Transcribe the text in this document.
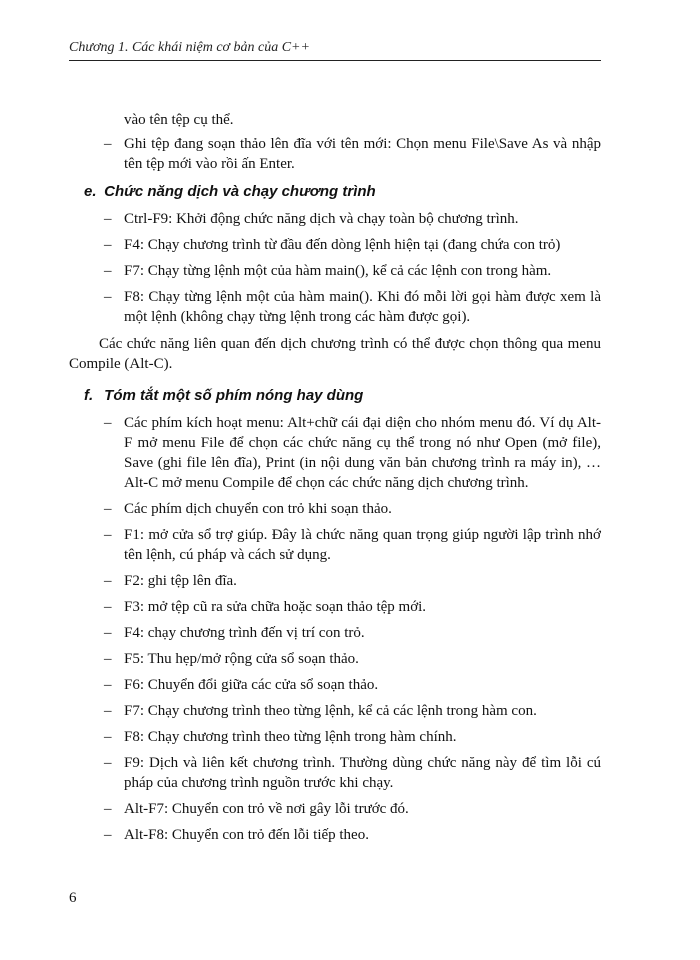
Chương 1. Các khái niệm cơ bản của C++
vào tên tệp cụ thể.
– Ghi tệp đang soạn thảo lên đĩa với tên mới: Chọn menu File\Save As và nhập tên tệp mới vào rồi ấn Enter.
e. Chức năng dịch và chạy chương trình
– Ctrl-F9: Khởi động chức năng dịch và chạy toàn bộ chương trình.
– F4: Chạy chương trình từ đầu đến dòng lệnh hiện tại (đang chứa con trỏ)
– F7: Chạy từng lệnh một của hàm main(), kể cả các lệnh con trong hàm.
– F8: Chạy từng lệnh một của hàm main(). Khi đó mỗi lời gọi hàm được xem là một lệnh (không chạy từng lệnh trong các hàm được gọi).
Các chức năng liên quan đến dịch chương trình có thể được chọn thông qua menu Compile (Alt-C).
f. Tóm tắt một số phím nóng hay dùng
– Các phím kích hoạt menu: Alt+chữ cái đại diện cho nhóm menu đó. Ví dụ Alt-F mở menu File để chọn các chức năng cụ thể trong nó như Open (mở file), Save (ghi file lên đĩa), Print (in nội dung văn bản chương trình ra máy in), … Alt-C mở menu Compile để chọn các chức năng dịch chương trình.
– Các phím dịch chuyển con trỏ khi soạn thảo.
– F1: mở cửa sổ trợ giúp. Đây là chức năng quan trọng giúp người lập trình nhớ tên lệnh, cú pháp và cách sử dụng.
– F2: ghi tệp lên đĩa.
– F3: mở tệp cũ ra sửa chữa hoặc soạn thảo tệp mới.
– F4: chạy chương trình đến vị trí con trỏ.
– F5: Thu hẹp/mở rộng cửa sổ soạn thảo.
– F6: Chuyển đổi giữa các cửa sổ soạn thảo.
– F7: Chạy chương trình theo từng lệnh, kể cả các lệnh trong hàm con.
– F8: Chạy chương trình theo từng lệnh trong hàm chính.
– F9: Dịch và liên kết chương trình. Thường dùng chức năng này để tìm lỗi cú pháp của chương trình nguồn trước khi chạy.
– Alt-F7: Chuyển con trỏ về nơi gây lỗi trước đó.
– Alt-F8: Chuyển con trỏ đến lỗi tiếp theo.
6
